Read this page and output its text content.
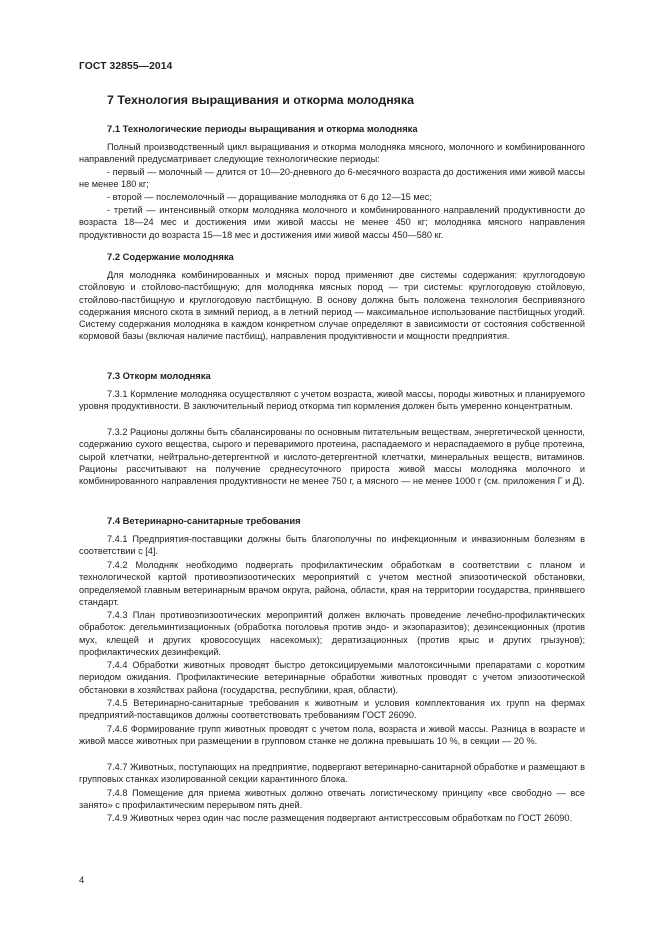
ГОСТ 32855—2014
7 Технология выращивания и откорма молодняка
7.1 Технологические периоды выращивания и откорма молодняка
Полный производственный цикл выращивания и откорма молодняка мясного, молочного и комбинированного направлений предусматривает следующие технологические периоды:
- первый — молочный — длится от 10—20-дневного до 6-месячного возраста до достижения ими живой массы не менее 180 кг;
- второй — послемолочный — доращивание молодняка от 6 до 12—15 мес;
- третий — интенсивный откорм молодняка молочного и комбинированного направлений продуктивности до возраста 18—24 мес и достижения ими живой массы не менее 450 кг; молодняка мясного направления продуктивности до возраста 15—18 мес и достижения ими живой массы 450—580 кг.
7.2 Содержание молодняка
Для молодняка комбинированных и мясных пород применяют две системы содержания: круглогодовую стойловую и стойлово-пастбищную; для молодняка мясных пород — три системы: круглогодовую стойловую, стойлово-пастбищную и круглогодовую пастбищную. В основу должна быть положена технология беспривязного содержания мясного скота в зимний период, а в летний период — максимальное использование пастбищных угодий. Систему содержания молодняка в каждом конкретном случае определяют в зависимости от состояния собственной кормовой базы (включая наличие пастбищ), направления продуктивности и мощности предприятия.
7.3 Откорм молодняка
7.3.1 Кормление молодняка осуществляют с учетом возраста, живой массы, породы животных и планируемого уровня продуктивности. В заключительный период откорма тип кормления должен быть умеренно концентратным.
7.3.2 Рационы должны быть сбалансированы по основным питательным веществам, энергетической ценности, содержанию сухого вещества, сырого и переваримого протеина, распадаемого и нераспадаемого в рубце протеина, сырой клетчатки, нейтрально-детергентной и кислото-детергентной клетчатки, минеральных веществ, витаминов. Рационы рассчитывают на получение среднесуточного прироста живой массы молодняка молочного и комбинированного направления продуктивности не менее 750 г, а мясного — не менее 1000 г (см. приложения Г и Д).
7.4 Ветеринарно-санитарные требования
7.4.1 Предприятия-поставщики должны быть благополучны по инфекционным и инвазионным болезням в соответствии с [4].
7.4.2 Молодняк необходимо подвергать профилактическим обработкам в соответствии с планом и технологической картой противоэпизоотических мероприятий с учетом местной эпизоотической обстановки, определяемой главным ветеринарным врачом округа, района, области, края на территории государства, принявшего стандарт.
7.4.3 План противоэпизоотических мероприятий должен включать проведение лечебно-профилактических обработок: дегельминтизационных (обработка поголовья против эндо- и экзопаразитов); дезинсекционных (против мух, клещей и других кровососущих насекомых); дератизационных (против крыс и других грызунов); профилактических дезинфекций.
7.4.4 Обработки животных проводят быстро детоксицируемыми малотоксичными препаратами с коротким периодом ожидания. Профилактические ветеринарные обработки животных проводят с учетом эпизоотической обстановки в хозяйствах района (государства, республики, края, области).
7.4.5 Ветеринарно-санитарные требования к животным и условия комплектования их групп на фермах предприятий-поставщиков должны соответствовать требованиям ГОСТ 26090.
7.4.6 Формирование групп животных проводят с учетом пола, возраста и живой массы. Разница в возрасте и живой массе животных при размещении в групповом станке не должна превышать 10 %, в секции — 20 %.
7.4.7 Животных, поступающих на предприятие, подвергают ветеринарно-санитарной обработке и размещают в групповых станках изолированной секции карантинного блока.
7.4.8 Помещение для приема животных должно отвечать логистическому принципу «все свободно — все занято» с профилактическим перерывом пять дней.
7.4.9 Животных через один час после размещения подвергают антистрессовым обработкам по ГОСТ 26090.
4
